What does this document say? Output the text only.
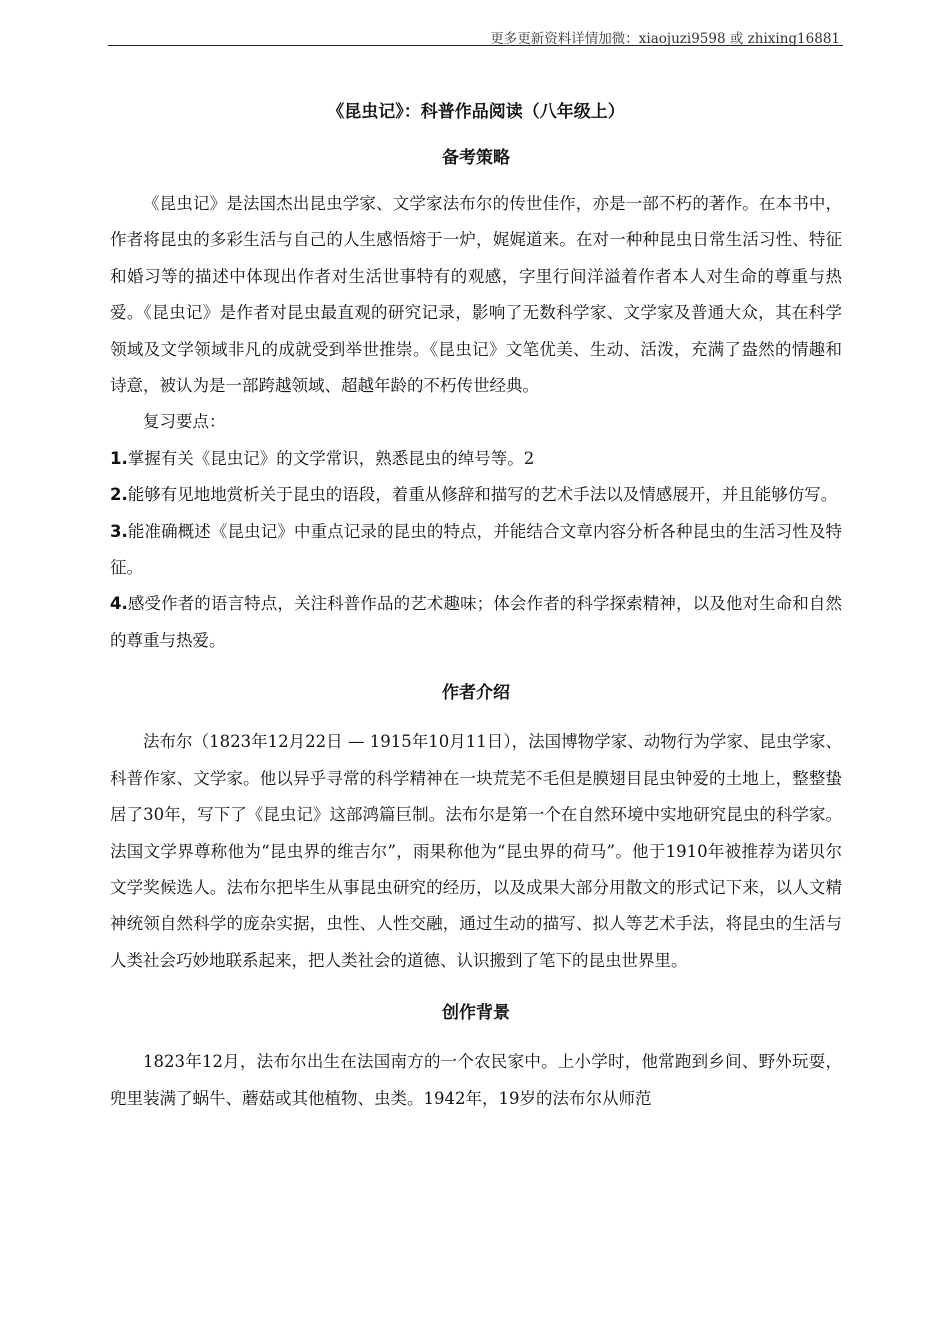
更多更新资料详情加微：xiaojuzi9598 或 zhixing16881
《昆虫记》：科普作品阅读（八年级上）
备考策略

《昆虫记》是法国杰出昆虫学家、文学家法布尔的传世佳作，亦是一部不朽的著作。在本书中，作者将昆虫的多彩生活与自己的人生感悟熔于一炉，娓娓道来。在对一种种昆虫日常生活习性、特征和婚习等的描述中体现出作者对生活世事特有的观感，字里行间洋溢着作者本人对生命的尊重与热爱。《昆虫记》是作者对昆虫最直观的研究记录，影响了无数科学家、文学家及普通大众，其在科学领域及文学领域非凡的成就受到举世推崇。《昆虫记》文笔优美、生动、活泼，充满了盎然的情趣和诗意，被认为是一部跨越领域、超越年龄的不朽传世经典。

复习要点：

1.掌握有关《昆虫记》的文学常识，熟悉昆虫的绰号等。2

2.能够有见地地赏析关于昆虫的语段，着重从修辞和描写的艺术手法以及情感展开，并且能够仿写。

3.能准确概述《昆虫记》中重点记录的昆虫的特点，并能结合文章内容分析各种昆虫的生活习性及特征。

4.感受作者的语言特点，关注科普作品的艺术趣味；体会作者的科学探索精神，以及他对生命和自然的尊重与热爱。

作者介绍

法布尔（1823年12月22日 — 1915年10月11日），法国博物学家、动物行为学家、昆虫学家、科普作家、文学家。他以异乎寻常的科学精神在一块荒芜不毛但是膜翅目昆虫钟爱的土地上，整整蛰居了30年，写下了《昆虫记》这部鸿篇巨制。法布尔是第一个在自然环境中实地研究昆虫的科学家。法国文学界尊称他为“昆虫界的维吉尔”，雨果称他为“昆虫界的荷马”。他于1910年被推荐为诺贝尔文学奖候选人。法布尔把毕生从事昆虫研究的经历，以及成果大部分用散文的形式记下来，以人文精神统领自然科学的庞杂实据，虫性、人性交融，通过生动的描写、拟人等艺术手法，将昆虫的生活与人类社会巧妙地联系起来，把人类社会的道德、认识搬到了笔下的昆虫世界里。

创作背景

1823年12月，法布尔出生在法国南方的一个农民家中。上小学时，他常跑到乡间、野外玩耍，兜里装满了蜗牛、蘑菇或其他植物、虫类。1942年，19岁的法布尔从师范
